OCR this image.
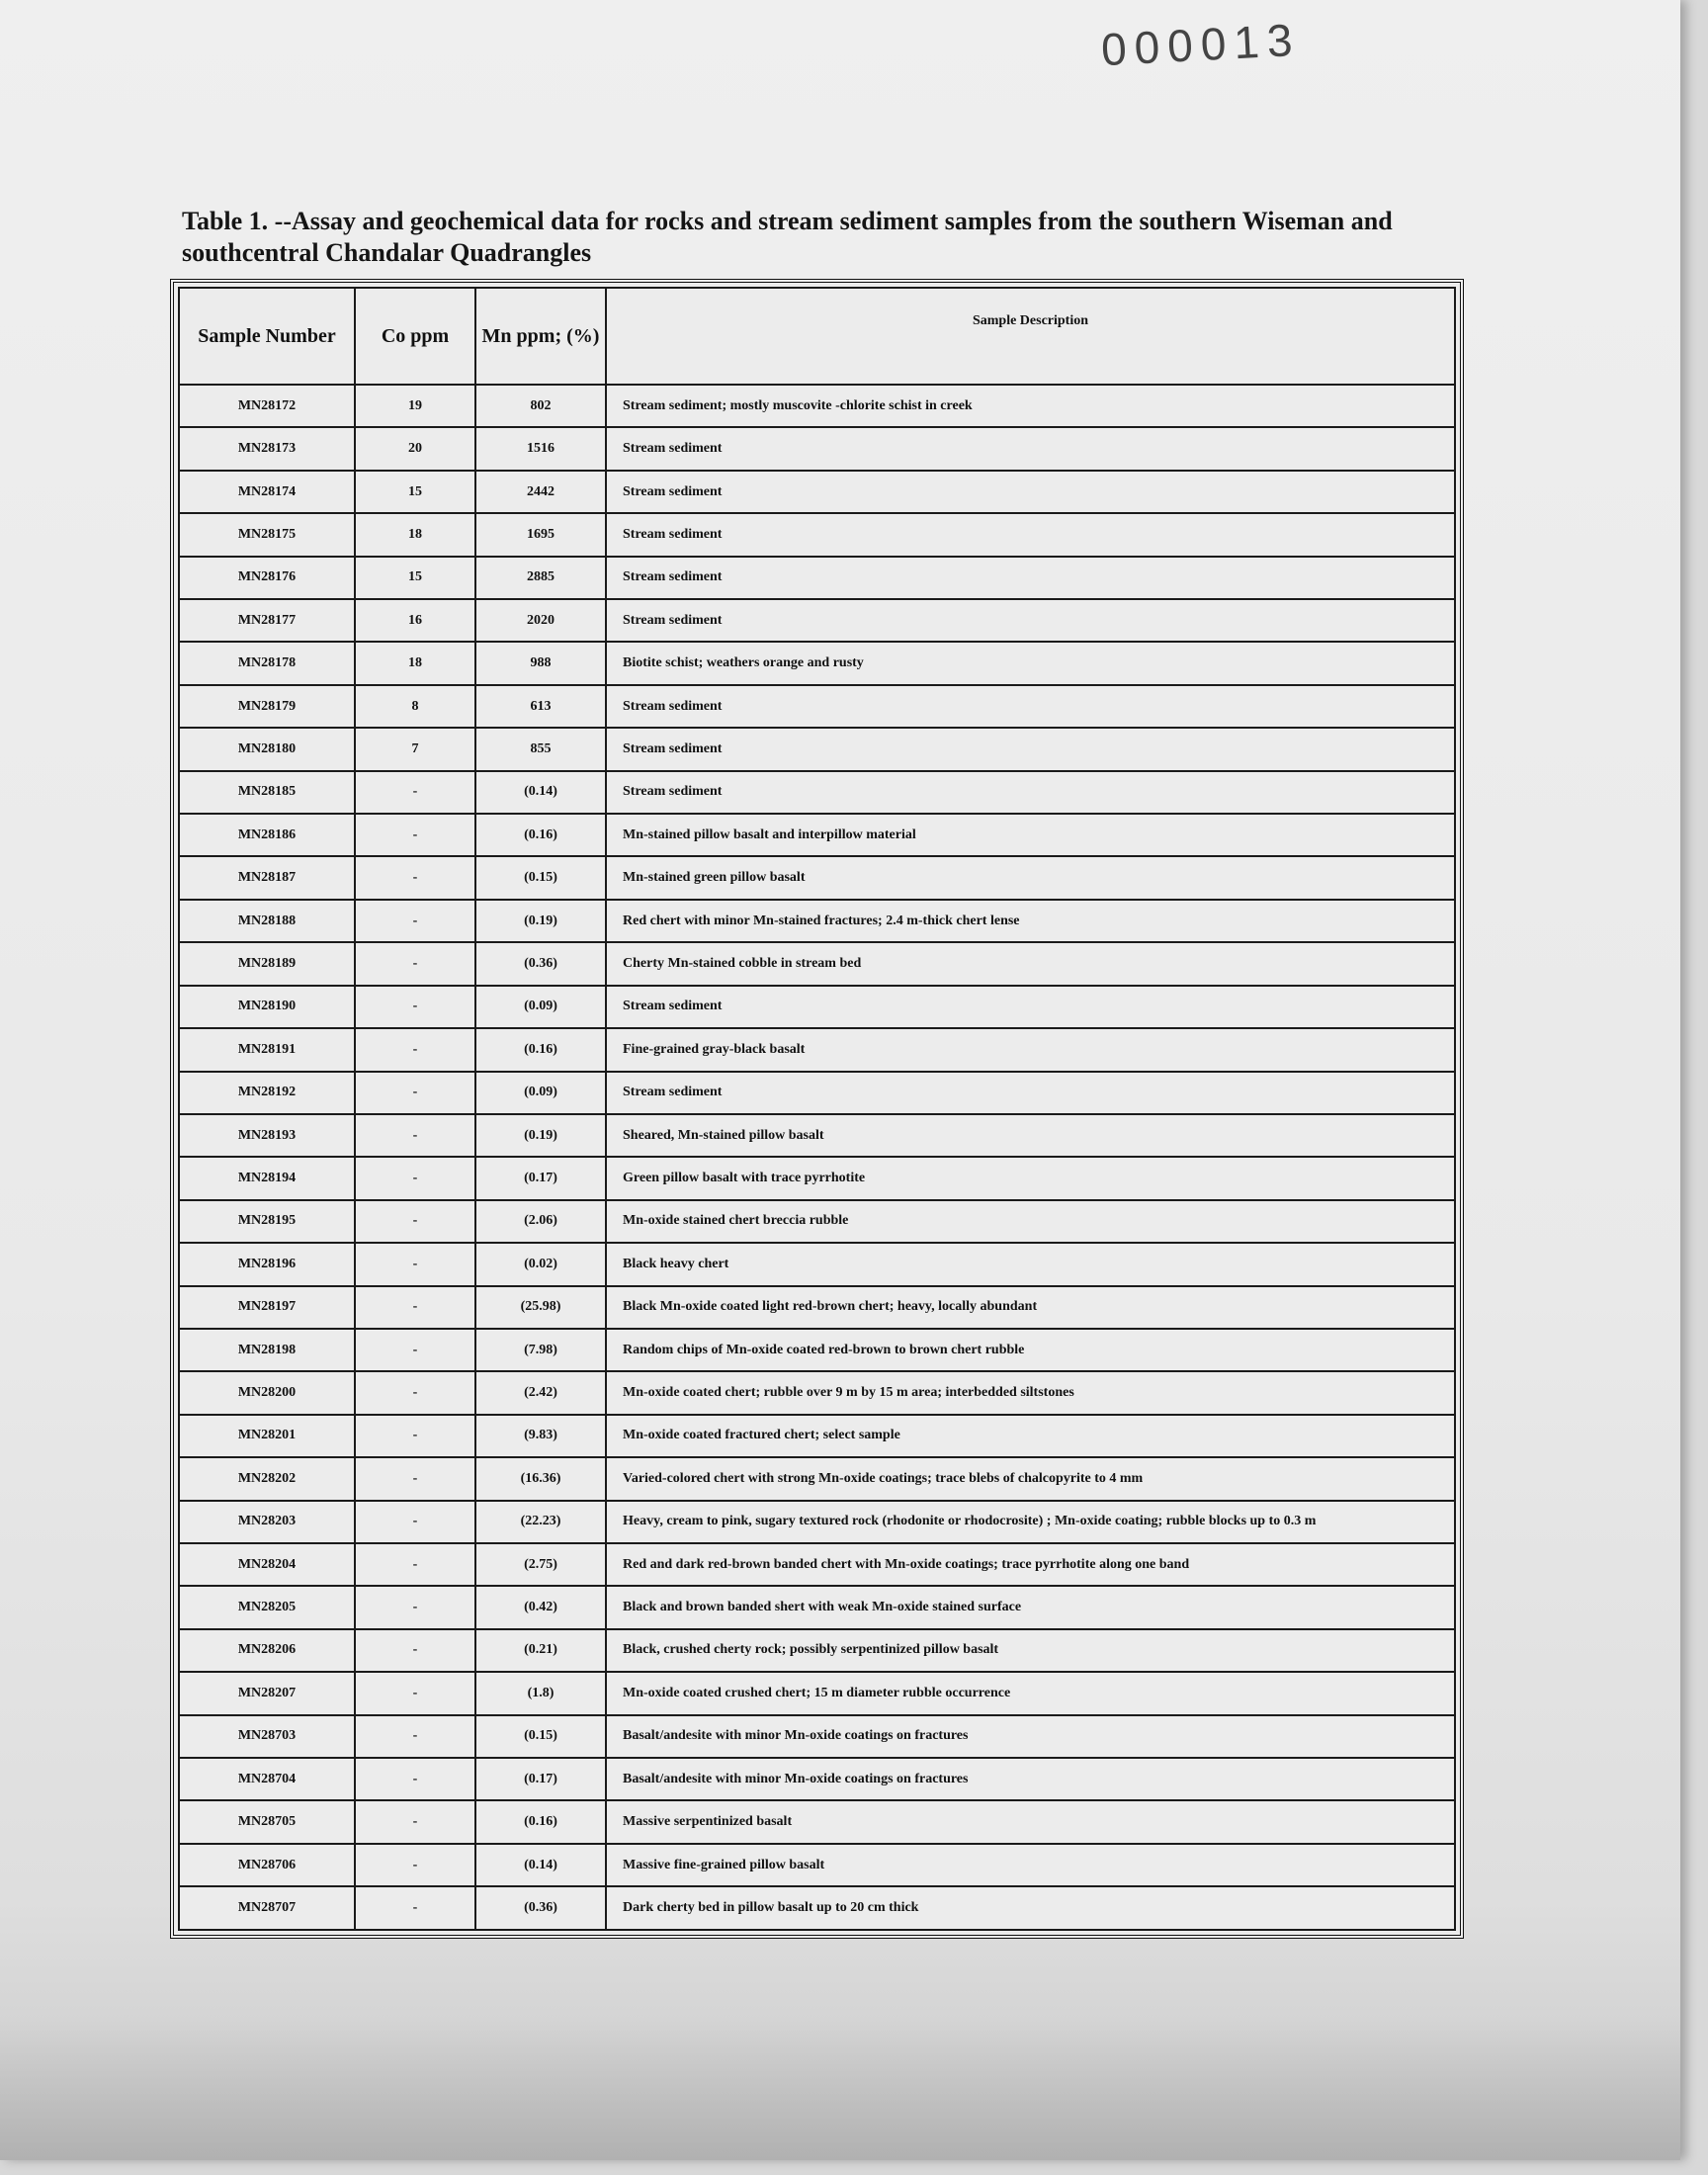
000013
Table 1. --Assay and geochemical data for rocks and stream sediment samples from the southern Wiseman and southcentral Chandalar Quadrangles
Sample Number	Co ppm	Mn ppm; (%)	Sample Description
MN28172	19	802	Stream sediment; mostly muscovite -chlorite schist in creek
MN28173	20	1516	Stream sediment
MN28174	15	2442	Stream sediment
MN28175	18	1695	Stream sediment
MN28176	15	2885	Stream sediment
MN28177	16	2020	Stream sediment
MN28178	18	988	Biotite schist; weathers orange and rusty
MN28179	8	613	Stream sediment
MN28180	7	855	Stream sediment
MN28185	-	(0.14)	Stream sediment
MN28186	-	(0.16)	Mn-stained pillow basalt and interpillow material
MN28187	-	(0.15)	Mn-stained green pillow basalt
MN28188	-	(0.19)	Red chert with minor Mn-stained fractures; 2.4 m-thick chert lense
MN28189	-	(0.36)	Cherty Mn-stained cobble in stream bed
MN28190	-	(0.09)	Stream sediment
MN28191	-	(0.16)	Fine-grained gray-black basalt
MN28192	-	(0.09)	Stream sediment
MN28193	-	(0.19)	Sheared, Mn-stained pillow basalt
MN28194	-	(0.17)	Green pillow basalt with trace pyrrhotite
MN28195	-	(2.06)	Mn-oxide stained chert breccia rubble
MN28196	-	(0.02)	Black heavy chert
MN28197	-	(25.98)	Black Mn-oxide coated light red-brown chert; heavy, locally abundant
MN28198	-	(7.98)	Random chips of Mn-oxide coated red-brown to brown chert rubble
MN28200	-	(2.42)	Mn-oxide coated chert; rubble over 9 m by 15 m area; interbedded siltstones
MN28201	-	(9.83)	Mn-oxide coated fractured chert; select sample
MN28202	-	(16.36)	Varied-colored chert with strong Mn-oxide coatings; trace blebs of chalcopyrite to 4 mm
MN28203	-	(22.23)	Heavy, cream to pink, sugary textured rock (rhodonite or rhodocrosite) ; Mn-oxide coating; rubble blocks up to 0.3 m
MN28204	-	(2.75)	Red and dark red-brown banded chert with Mn-oxide coatings; trace pyrrhotite along one band
MN28205	-	(0.42)	Black and brown banded shert with weak Mn-oxide stained surface
MN28206	-	(0.21)	Black, crushed cherty rock; possibly serpentinized pillow basalt
MN28207	-	(1.8)	Mn-oxide coated crushed chert; 15 m diameter rubble occurrence
MN28703	-	(0.15)	Basalt/andesite with minor Mn-oxide coatings on fractures
MN28704	-	(0.17)	Basalt/andesite with minor Mn-oxide coatings on fractures
MN28705	-	(0.16)	Massive serpentinized basalt
MN28706	-	(0.14)	Massive fine-grained pillow basalt
MN28707	-	(0.36)	Dark cherty bed in pillow basalt up to 20 cm thick
